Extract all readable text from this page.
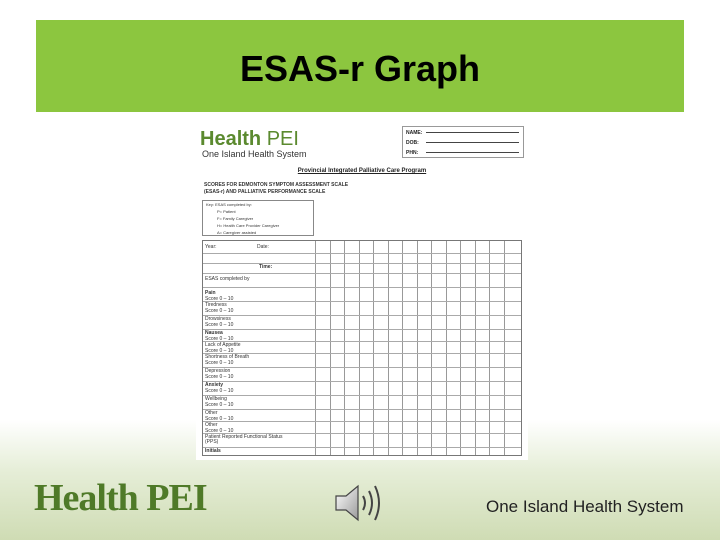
ESAS-r Graph
Health PEI
One Island Health System
NAME:
DOB:
PHN:
Provincial Integrated Palliative Care Program
SCORES FOR EDMONTON SYMPTOM ASSESSMENT SCALE (ESAS-r) AND PALLIATIVE PERFORMANCE SCALE
Key: ESAS completed by:
P= Patient
F= Family Caregiver
H= Health Care Provider Caregiver
A= Caregiver assisted
Year:	Date:
Time:
ESAS completed by
Pain
Score 0 – 10
Tiredness
Score 0 – 10
Drowsiness
Score 0 – 10
Nausea
Score 0 – 10
Lack of Appetite
Score 0 – 10
Shortness of Breath
Score 0 – 10
Depression
Score 0 – 10
Anxiety
Score 0 – 10
Wellbeing
Score 0 – 10
Other
Score 0 – 10
Other
Score 0 – 10
Patient Reported Functional Status (PPS)
Initials
Health PEI	One Island Health System
